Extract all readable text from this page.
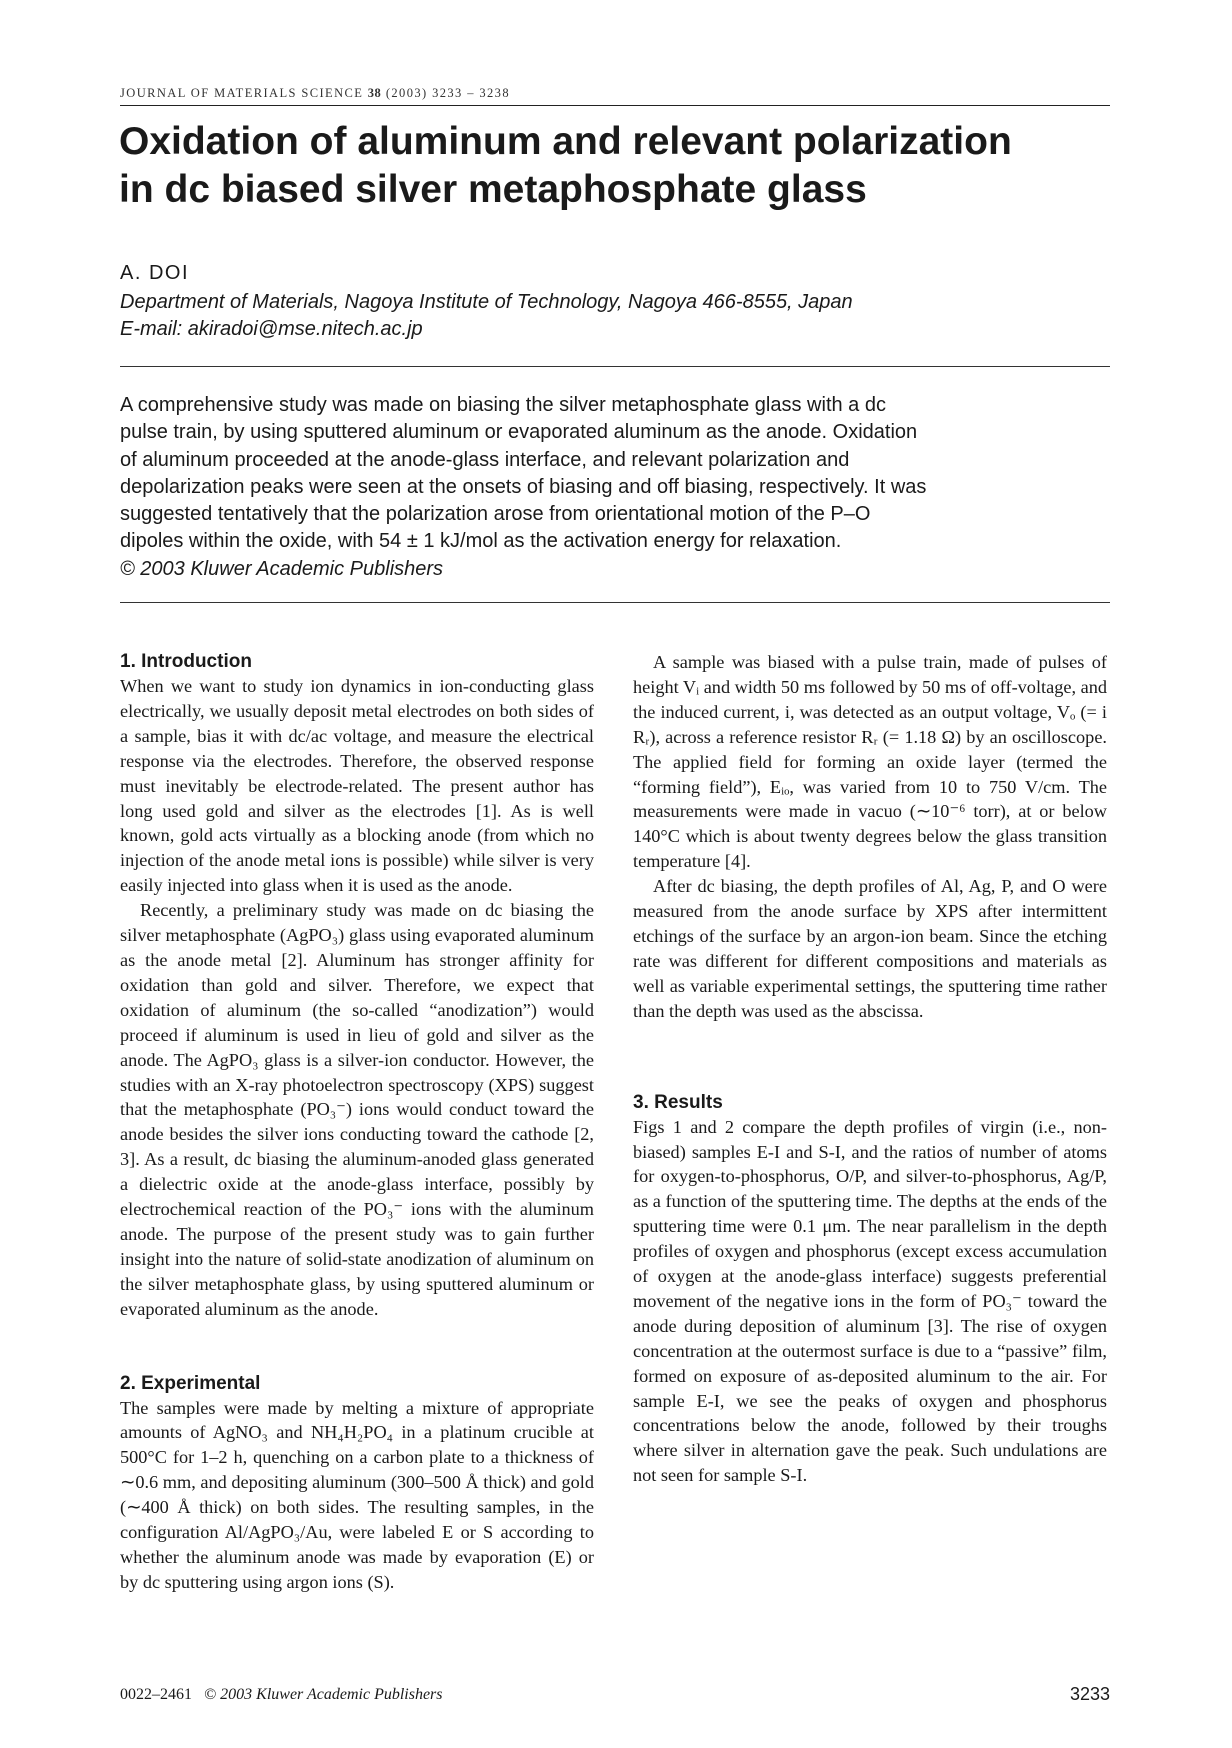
JOURNAL OF MATERIALS SCIENCE 38 (2003) 3233 – 3238
Oxidation of aluminum and relevant polarization
in dc biased silver metaphosphate glass
A. DOI
Department of Materials, Nagoya Institute of Technology, Nagoya 466-8555, Japan
E-mail: akiradoi@mse.nitech.ac.jp
A comprehensive study was made on biasing the silver metaphosphate glass with a dc
pulse train, by using sputtered aluminum or evaporated aluminum as the anode. Oxidation
of aluminum proceeded at the anode-glass interface, and relevant polarization and
depolarization peaks were seen at the onsets of biasing and off biasing, respectively. It was
suggested tentatively that the polarization arose from orientational motion of the P–O
dipoles within the oxide, with 54 ± 1 kJ/mol as the activation energy for relaxation.
© 2003 Kluwer Academic Publishers
1. Introduction

When we want to study ion dynamics in ion-conducting glass electrically, we usually deposit metal electrodes on both sides of a sample, bias it with dc/ac voltage, and measure the electrical response via the electrodes. Therefore, the observed response must inevitably be electrode-related. The present author has long used gold and silver as the electrodes [1]. As is well known, gold acts virtually as a blocking anode (from which no injection of the anode metal ions is possible) while silver is very easily injected into glass when it is used as the anode.

Recently, a preliminary study was made on dc biasing the silver metaphosphate (AgPO₃) glass using evaporated aluminum as the anode metal [2]. Aluminum has stronger affinity for oxidation than gold and silver. Therefore, we expect that oxidation of aluminum (the so-called “anodization”) would proceed if aluminum is used in lieu of gold and silver as the anode. The AgPO₃ glass is a silver-ion conductor. However, the studies with an X-ray photoelectron spectroscopy (XPS) suggest that the metaphosphate (PO₃⁻) ions would conduct toward the anode besides the silver ions conducting toward the cathode [2, 3]. As a result, dc biasing the aluminum-anoded glass generated a dielectric oxide at the anode-glass interface, possibly by electrochemical reaction of the PO₃⁻ ions with the aluminum anode. The purpose of the present study was to gain further insight into the nature of solid-state anodization of aluminum on the silver metaphosphate glass, by using sputtered aluminum or evaporated aluminum as the anode.

2. Experimental

The samples were made by melting a mixture of appropriate amounts of AgNO₃ and NH₄H₂PO₄ in a platinum crucible at 500°C for 1–2 h, quenching on a carbon plate to a thickness of ∼0.6 mm, and depositing aluminum (300–500 Å thick) and gold (∼400 Å thick) on both sides. The resulting samples, in the configuration Al/AgPO₃/Au, were labeled E or S according to whether the aluminum anode was made by evaporation (E) or by dc sputtering using argon ions (S).

A sample was biased with a pulse train, made of pulses of height Vᵢ and width 50 ms followed by 50 ms of off-voltage, and the induced current, i, was detected as an output voltage, Vₒ (= i Rᵣ), across a reference resistor Rᵣ (= 1.18 Ω) by an oscilloscope. The applied field for forming an oxide layer (termed the “forming field”), Eᵢₒ, was varied from 10 to 750 V/cm. The measurements were made in vacuo (∼10⁻⁶ torr), at or below 140°C which is about twenty degrees below the glass transition temperature [4].

After dc biasing, the depth profiles of Al, Ag, P, and O were measured from the anode surface by XPS after intermittent etchings of the surface by an argon-ion beam. Since the etching rate was different for different compositions and materials as well as variable experimental settings, the sputtering time rather than the depth was used as the abscissa.

3. Results

Figs 1 and 2 compare the depth profiles of virgin (i.e., non-biased) samples E-I and S-I, and the ratios of number of atoms for oxygen-to-phosphorus, O/P, and silver-to-phosphorus, Ag/P, as a function of the sputtering time. The depths at the ends of the sputtering time were 0.1 μm. The near parallelism in the depth profiles of oxygen and phosphorus (except excess accumulation of oxygen at the anode-glass interface) suggests preferential movement of the negative ions in the form of PO₃⁻ toward the anode during deposition of aluminum [3]. The rise of oxygen concentration at the outermost surface is due to a “passive” film, formed on exposure of as-deposited aluminum to the air. For sample E-I, we see the peaks of oxygen and phosphorus concentrations below the anode, followed by their troughs where silver in alternation gave the peak. Such undulations are not seen for sample S-I.

0022–2461 © 2003 Kluwer Academic Publishers	3233
